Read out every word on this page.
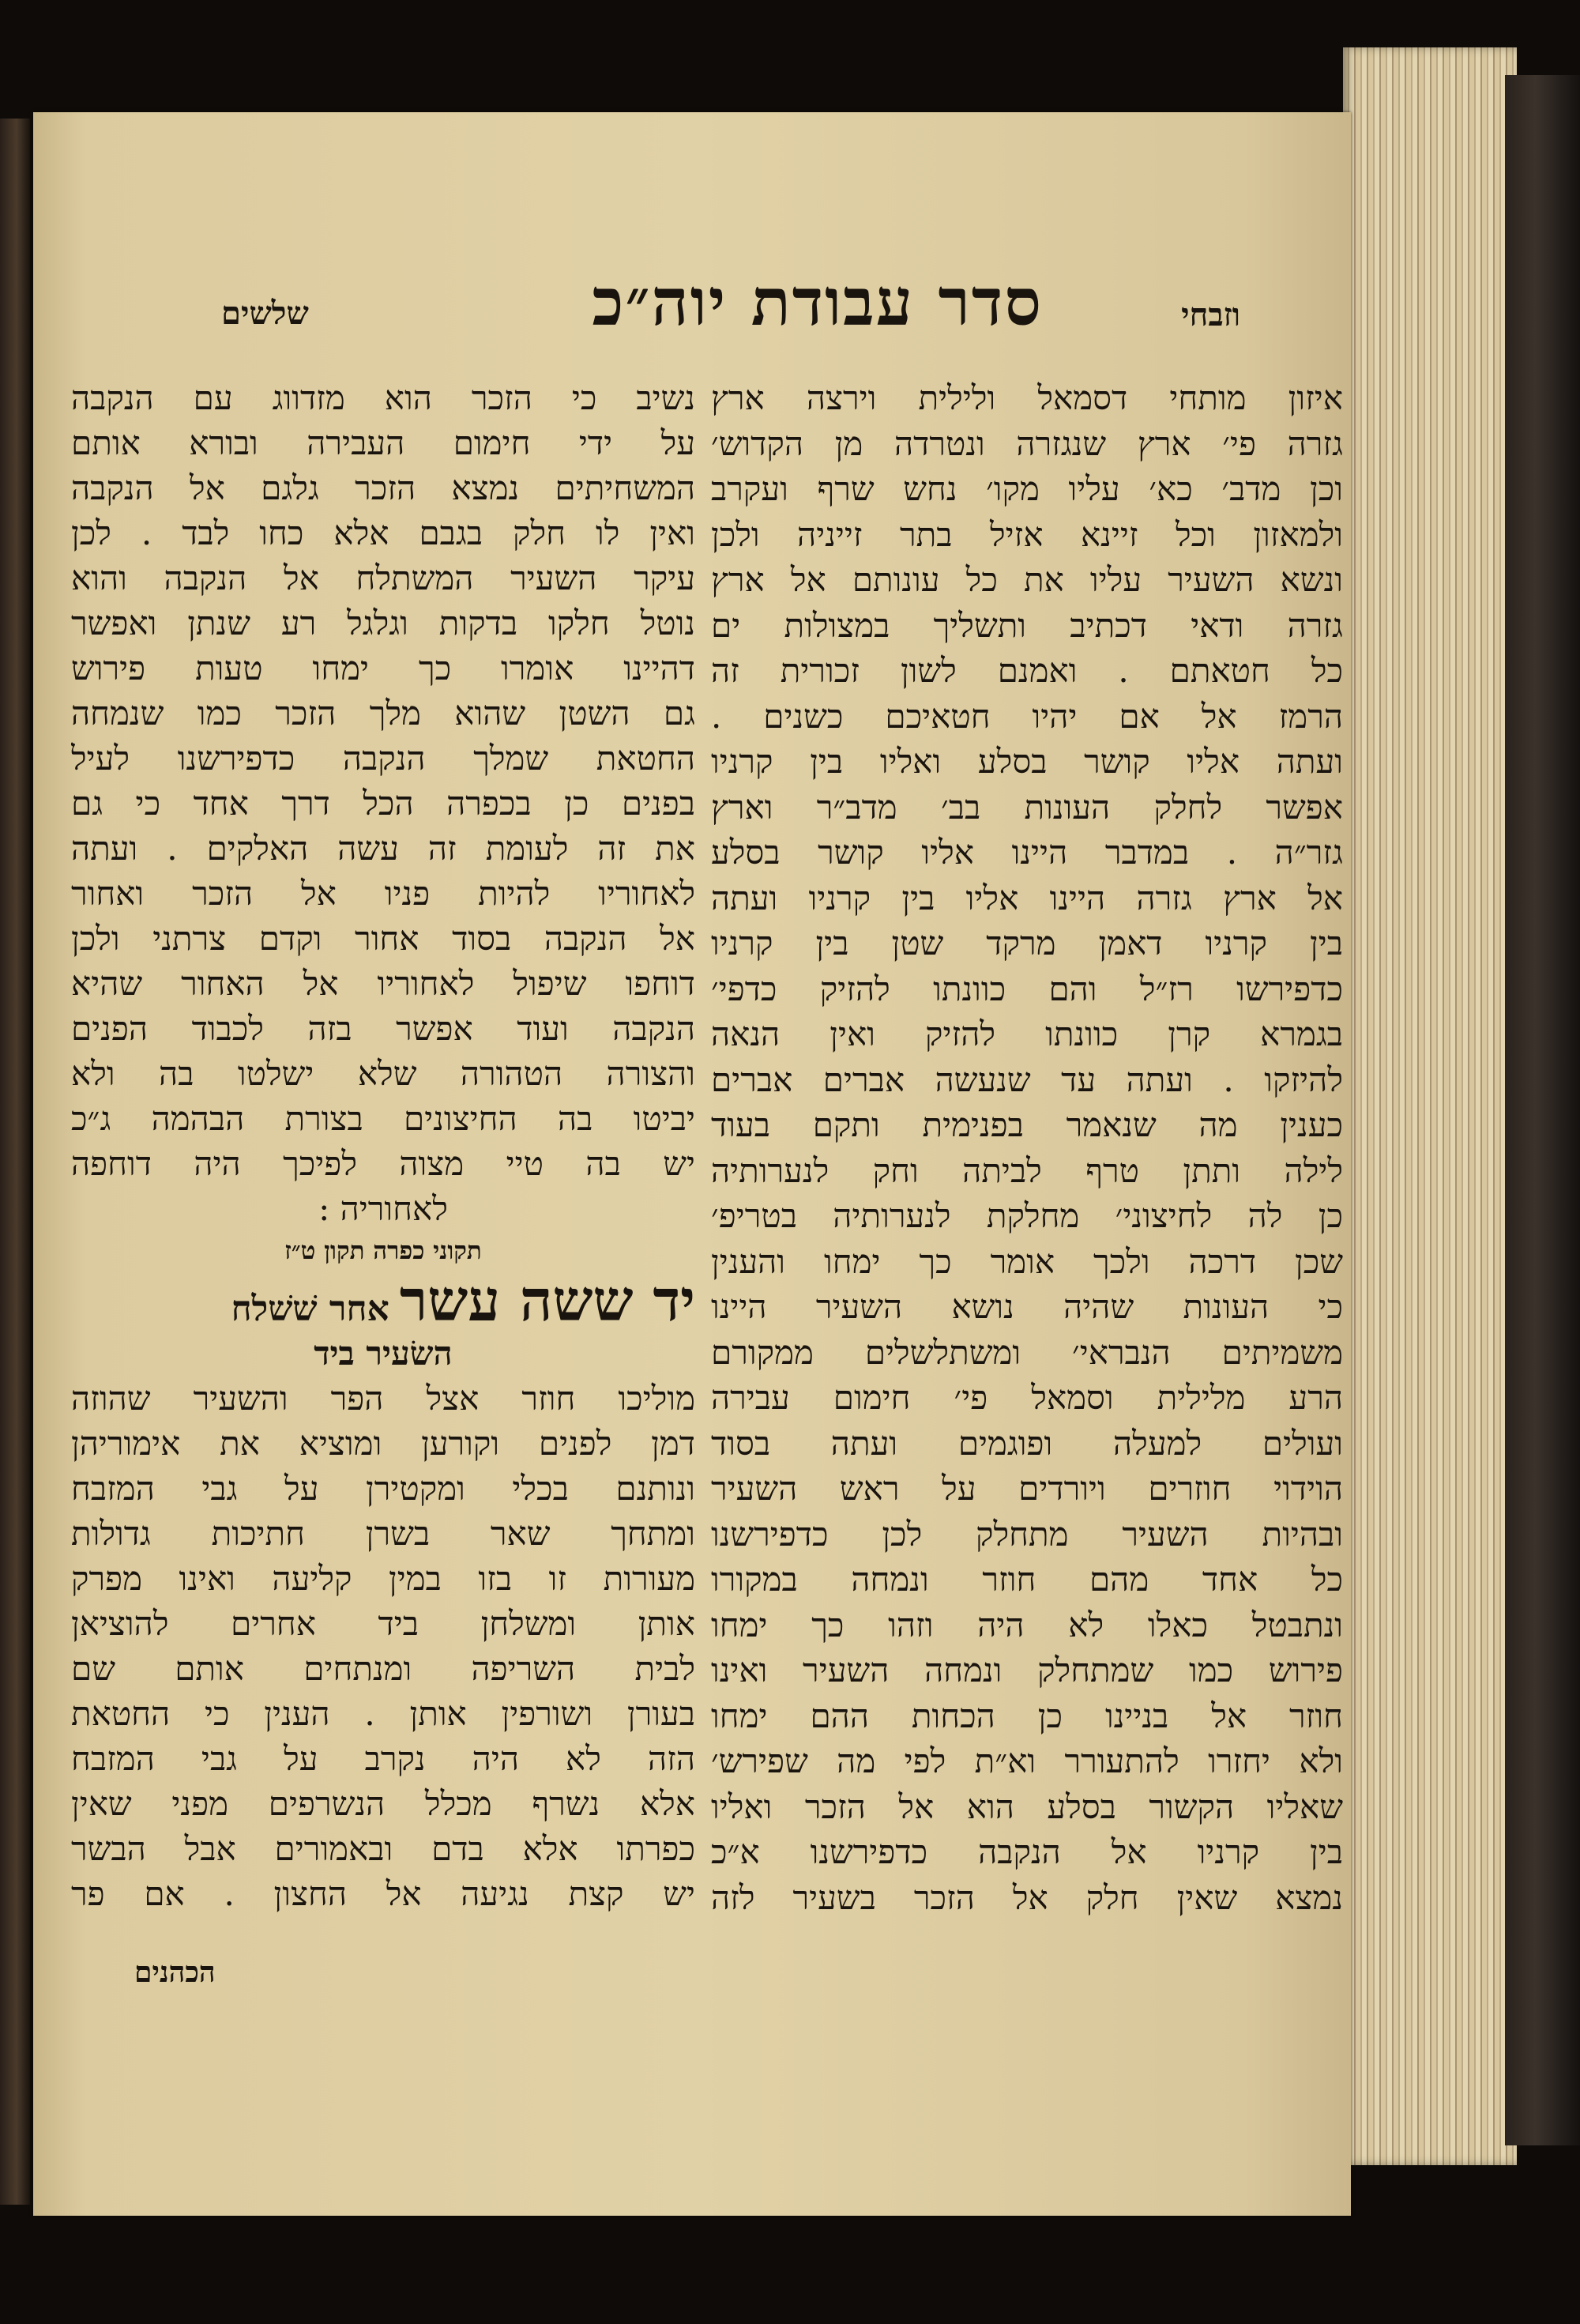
וזבחי
סדר עבודת יוה״כ
שלשים
איזון מותחי דסמאל ולילית וירצה ארץ
גזרה פי׳ ארץ שנגזרה ונטרדה מן הקדוש׳
וכן מדב׳ כא׳ עליו מקו׳ נחש שרף ועקרב
ולמאזון וכל זיינא אזיל בתר זייניה ולכן
ונשא השעיר עליו את כל עונותם אל ארץ
גזרה ודאי דכתיב ותשליך במצולות ים
כל חטאתם . ואמנם לשון זכורית זה
הרמז אל אם יהיו חטאיכם כשנים .
ועתה אליו קושר בסלע ואליו בין קרניו
אפשר לחלק העונות בב׳ מדב״ר וארץ
גזר״ה . במדבר היינו אליו קושר בסלע
אל ארץ גזרה היינו אליו בין קרניו ועתה
בין קרניו דאמן מרקד שטן בין קרניו
כדפירשו רז״ל והם כוונתו להזיק כדפי׳
בגמרא קרן כוונתו להזיק ואין הנאה
להיזקו . ועתה עד שנעשה אברים אברים
כענין מה שנאמר בפנימית ותקם בעוד
לילה ותתן טרף לביתה וחק לנערותיה
כן לה לחיצוני׳ מחלקת לנערותיה בטריפ׳
שכן דרכה ולכך אומר כך ימחו והענין
כי העונות שהיה נושא השעיר היינו
משמיתים הנבראי׳ ומשתלשלים ממקורם
הרע מלילית וסמאל פי׳ חימום עבירה
ועולים למעלה ופוגמים ועתה בסוד
הוידוי חוזרים ויורדים על ראש השעיר
ובהיות השעיר מתחלק לכן כדפירשנו
כל אחד מהם חוזר ונמחה במקורו
ונתבטל כאלו לא היה וזהו כך ימחו
פירוש כמו שמתחלק ונמחה השעיר ואינו
חוזר אל בניינו כן הכחות ההם ימחו
ולא יחזרו להתעורר וא״ת לפי מה שפירש׳
שאליו הקשור בסלע הוא אל הזכר ואליו
בין קרניו אל הנקבה כדפירשנו א״כ
נמצא שאין חלק אל הזכר בשעיר לזה
נשיב כי הזכר הוא מזדווג עם הנקבה
על ידי חימום העבירה ובורא אותם
המשחיתים נמצא הזכר גלגם אל הנקבה
ואין לו חלק בגבם אלא כחו לבד . לכן
עיקר השעיר המשתלח אל הנקבה והוא
נוטל חלקו בדקות וגלגל רע שנתן ואפשר
דהיינו אומרו כך ימחו טעות פירוש
גם השטן שהוא מלך הזכר כמו שנמחה
החטאת שמלך הנקבה כדפירשנו לעיל
בפנים כן בכפרה הכל דרך אחד כי גם
את זה לעומת זה עשה האלקים . ועתה
לאחוריו להיות פניו אל הזכר ואחור
אל הנקבה בסוד אחור וקדם צרתני ולכן
דוחפו שיפול לאחוריו אל האחור שהיא
הנקבה ועוד אפשר בזה לכבוד הפנים
והצורה הטהורה שלא ישלטו בה ולא
יביטו בה החיצונים בצורת הבהמה ג״כ
יש בה טיי מצוה לפיכך היה דוחפה
לאחוריה :
תקוני כפרה תקון ט״ז
יד ששה עשר אחר שׁשׁלח
השׂעיר ביד
מוליכו חוזר אצל הפר והשעיר שהוזה
דמן לפנים וקורען ומוציא את אימוריהן
ונותנם בכלי ומקטירן על גבי המזבח
ומתחך שאר בשרן חתיכות גדולות
מעורות זו בזו במין קליעה ואינו מפרק
אותן ומשלחן ביד אחרים להוציאן
לבית השריפה ומנתחים אותם שם
בעורן ושורפין אותן . הענין כי החטאת
הזה לא היה נקרב על גבי המזבח
אלא נשרף מכלל הנשרפים מפני שאין
כפרתו אלא בדם ובאמורים אבל הבשר
יש קצת נגיעה אל החצון . אם פר
הכהנים
